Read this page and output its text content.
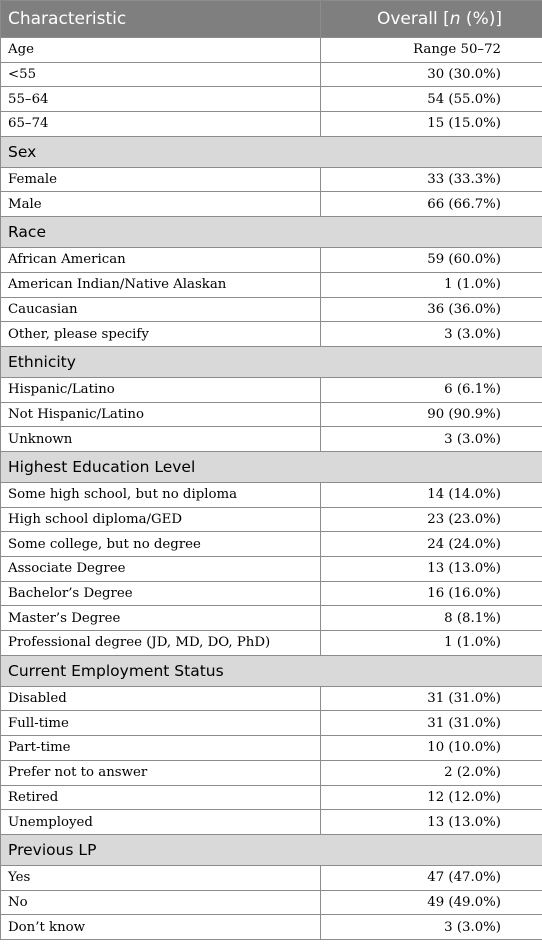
Characteristic	Overall [n (%)]
Age	Range 50–72
<55	30 (30.0%)
55–64	54 (55.0%)
65–74	15 (15.0%)
Sex	
Female	33 (33.3%)
Male	66 (66.7%)
Race	
African American	59 (60.0%)
American Indian/Native Alaskan	1 (1.0%)
Caucasian	36 (36.0%)
Other, please specify	3 (3.0%)
Ethnicity	
Hispanic/Latino	6 (6.1%)
Not Hispanic/Latino	90 (90.9%)
Unknown	3 (3.0%)
Highest Education Level	
Some high school, but no diploma	14 (14.0%)
High school diploma/GED	23 (23.0%)
Some college, but no degree	24 (24.0%)
Associate Degree	13 (13.0%)
Bachelor’s Degree	16 (16.0%)
Master’s Degree	8 (8.1%)
Professional degree (JD, MD, DO, PhD)	1 (1.0%)
Current Employment Status	
Disabled	31 (31.0%)
Full-time	31 (31.0%)
Part-time	10 (10.0%)
Prefer not to answer	2 (2.0%)
Retired	12 (12.0%)
Unemployed	13 (13.0%)
Previous LP	
Yes	47 (47.0%)
No	49 (49.0%)
Don’t know	3 (3.0%)
